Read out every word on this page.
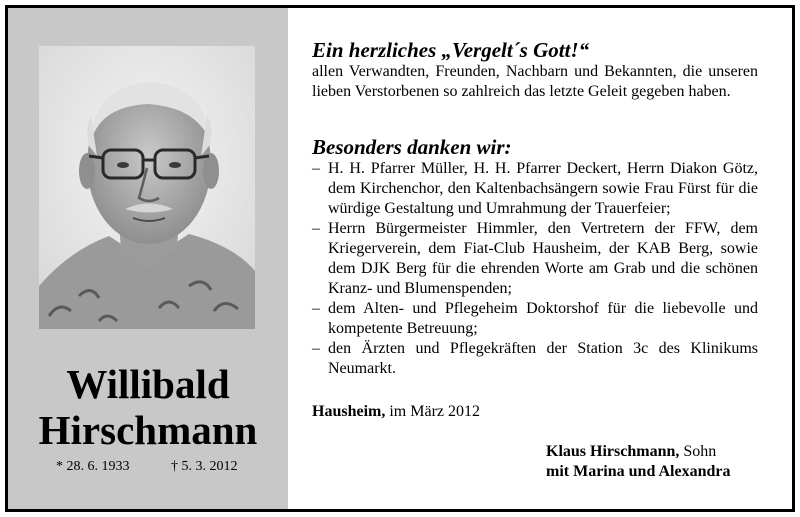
Willibald
Hirschmann
* 28. 6. 1933	† 5. 3. 2012
Ein herzliches „Vergelt´s Gott!“
allen Verwandten, Freunden, Nachbarn und Bekannten, die unseren lieben Verstorbenen so zahlreich das letzte Geleit gegeben haben.
Besonders danken wir:
– H. H. Pfarrer Müller, H. H. Pfarrer Deckert, Herrn Diakon Götz, dem Kirchenchor, den Kaltenbachsängern sowie Frau Fürst für die würdige Gestaltung und Umrahmung der Trauerfeier;
– Herrn Bürgermeister Himmler, den Vertretern der FFW, dem Kriegerverein, dem Fiat-Club Hausheim, der KAB Berg, sowie dem DJK Berg für die ehrenden Worte am Grab und die schönen Kranz- und Blumenspenden;
– dem Alten- und Pflegeheim Doktorshof für die liebevolle und kompetente Betreuung;
– den Ärzten und Pflegekräften der Station 3c des Klinikums Neumarkt.
Hausheim, im März 2012
Klaus Hirschmann, Sohn
mit Marina und Alexandra
